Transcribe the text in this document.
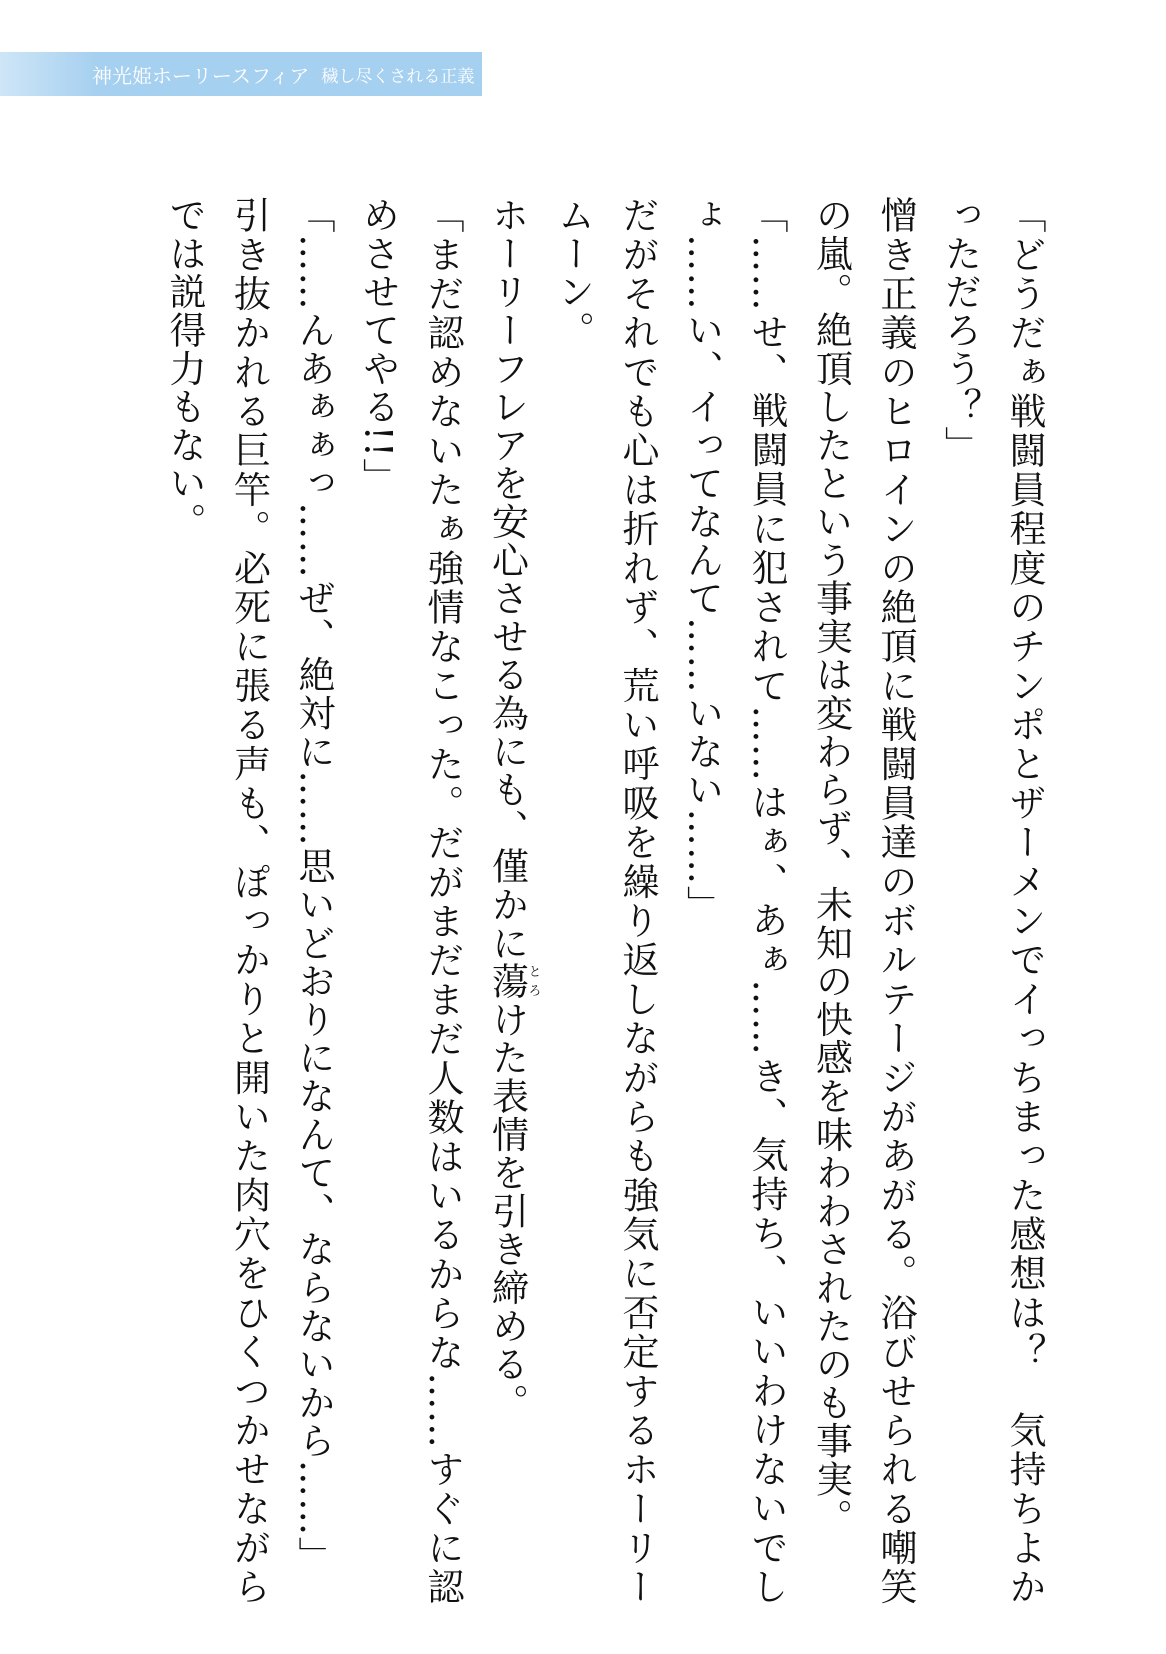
神光姫ホーリースフィア 穢し尽くされる正義

「どうだぁ戦闘員程度のチンポとザーメンでイっちまった感想は？　気持ちよかっただろう？」

憎き正義のヒロインの絶頂に戦闘員達のボルテージがあがる。浴びせられる嘲笑の嵐。絶頂したという事実は変わらず、未知の快感を味わわされたのも事実。

「……せ、戦闘員に犯されて……はぁ、あぁ……き、気持ち、いいわけないでしょ……い、イってなんて……いない……」

だがそれでも心は折れず、荒い呼吸を繰り返しながらも強気に否定するホーリームーン。

ホーリーフレアを安心させる為にも、僅かに蕩とろけた表情を引き締める。

「まだ認めないたぁ強情なこった。だがまだまだ人数はいるからな……すぐに認めさせてやる!!」

「……んあぁぁっ……ぜ、絶対に……思いどおりになんて、ならないから……」

引き抜かれる巨竿。必死に張る声も、ぽっかりと開いた肉穴をひくつかせながらでは説得力もない。
